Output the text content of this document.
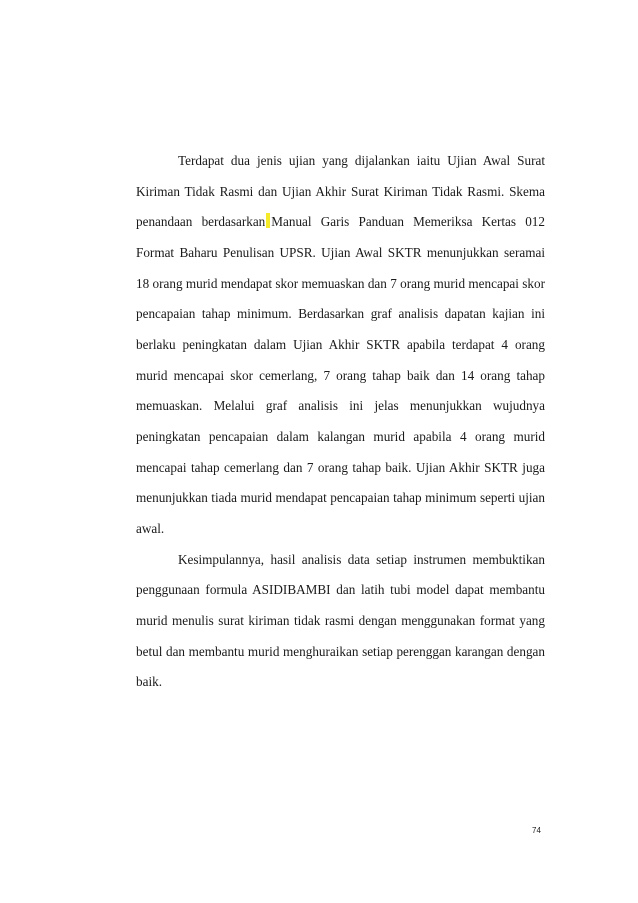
Terdapat dua jenis ujian yang dijalankan iaitu Ujian Awal Surat Kiriman Tidak Rasmi dan Ujian Akhir Surat Kiriman Tidak Rasmi. Skema penandaan berdasarkan Manual Garis Panduan Memeriksa Kertas 012 Format Baharu Penulisan UPSR. Ujian Awal SKTR menunjukkan seramai 18 orang murid mendapat skor memuaskan dan 7 orang murid mencapai skor pencapaian tahap minimum. Berdasarkan graf analisis dapatan kajian ini berlaku peningkatan dalam Ujian Akhir SKTR apabila terdapat 4 orang murid mencapai skor cemerlang, 7 orang tahap baik dan 14 orang tahap memuaskan. Melalui graf analisis ini jelas menunjukkan wujudnya peningkatan pencapaian dalam kalangan murid apabila 4 orang murid mencapai tahap cemerlang dan 7 orang tahap baik. Ujian Akhir SKTR juga menunjukkan tiada murid mendapat pencapaian tahap minimum seperti ujian awal.

Kesimpulannya, hasil analisis data setiap instrumen membuktikan penggunaan formula ASIDIBAMBI dan latih tubi model dapat membantu murid menulis surat kiriman tidak rasmi dengan menggunakan format yang betul dan membantu murid menghuraikan setiap perenggan karangan dengan baik.

74
